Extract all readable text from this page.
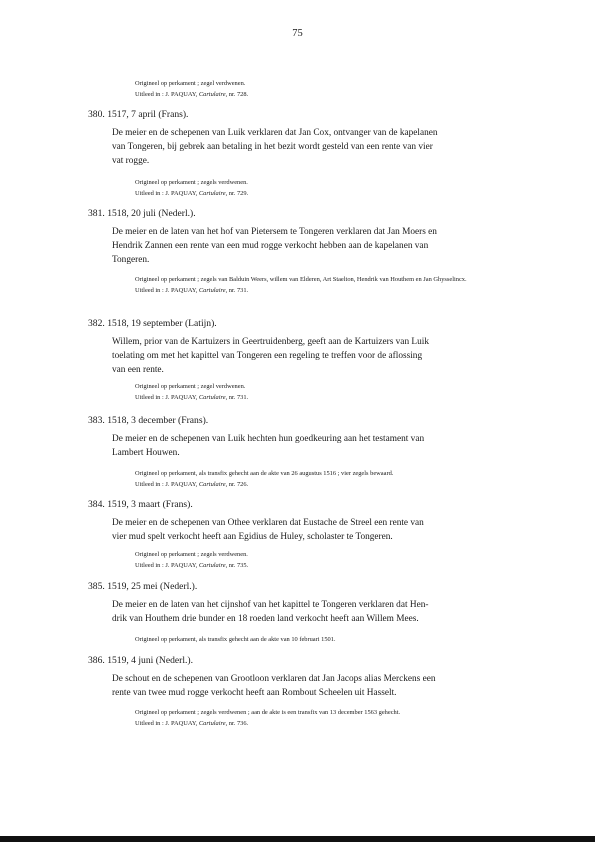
75
Origineel op perkament ; zegel verdwenen.
Uitleed in : J. PAQUAY, Cartulaire, nr. 728.
380. 1517, 7 april (Frans).
De meier en de schepenen van Luik verklaren dat Jan Cox, ontvanger van de kapelanen
van Tongeren, bij gebrek aan betaling in het bezit wordt gesteld van een rente van vier
vat rogge.
Origineel op perkament ; zegels verdwenen.
Uitleed in : J. PAQUAY, Cartulaire, nr. 729.
381. 1518, 20 juli (Nederl.).
De meier en de laten van het hof van Pietersem te Tongeren verklaren dat Jan Moers en
Hendrik Zannen een rente van een mud rogge verkocht hebben aan de kapelanen van
Tongeren.
Origineel op perkament ; zegels van Balduin Weers, willem van Elderen, Art Staelton, Hendrik van Houthem en Jan Ghysselincx.
Uitleed in : J. PAQUAY, Cartulaire, nr. 731.
382. 1518, 19 september (Latijn).
Willem, prior van de Kartuizers in Geertruidenberg, geeft aan de Kartuizers van Luik
toelating om met het kapittel van Tongeren een regeling te treffen voor de aflossing
van een rente.
Origineel op perkament ; zegel verdwenen.
Uitleed in : J. PAQUAY, Cartulaire, nr. 731.
383. 1518, 3 december (Frans).
De meier en de schepenen van Luik hechten hun goedkeuring aan het testament van
Lambert Houwen.
Origineel op perkament, als transfix gehecht aan de akte van 26 augustus 1516 ; vier zegels bewaard.
Uitleed in : J. PAQUAY, Cartulaire, nr. 726.
384. 1519, 3 maart (Frans).
De meier en de schepenen van Othee verklaren dat Eustache de Streel een rente van
vier mud spelt verkocht heeft aan Egidius de Huley, scholaster te Tongeren.
Origineel op perkament ; zegels verdwenen.
Uitleed in : J. PAQUAY, Cartulaire, nr. 735.
385. 1519, 25 mei (Nederl.).
De meier en de laten van het cijnshof van het kapittel te Tongeren verklaren dat Hen-
drik van Houthem drie bunder en 18 roeden land verkocht heeft aan Willem Mees.
Origineel op perkament, als transfix gehecht aan de akte van 10 februari 1501.
386. 1519, 4 juni (Nederl.).
De schout en de schepenen van Grootloon verklaren dat Jan Jacops alias Merckens een
rente van twee mud rogge verkocht heeft aan Rombout Scheelen uit Hasselt.
Origineel op perkament ; zegels verdwenen ; aan de akte is een transfix van 13 december 1563 gehecht.
Uitleed in : J. PAQUAY, Cartulaire, nr. 736.
